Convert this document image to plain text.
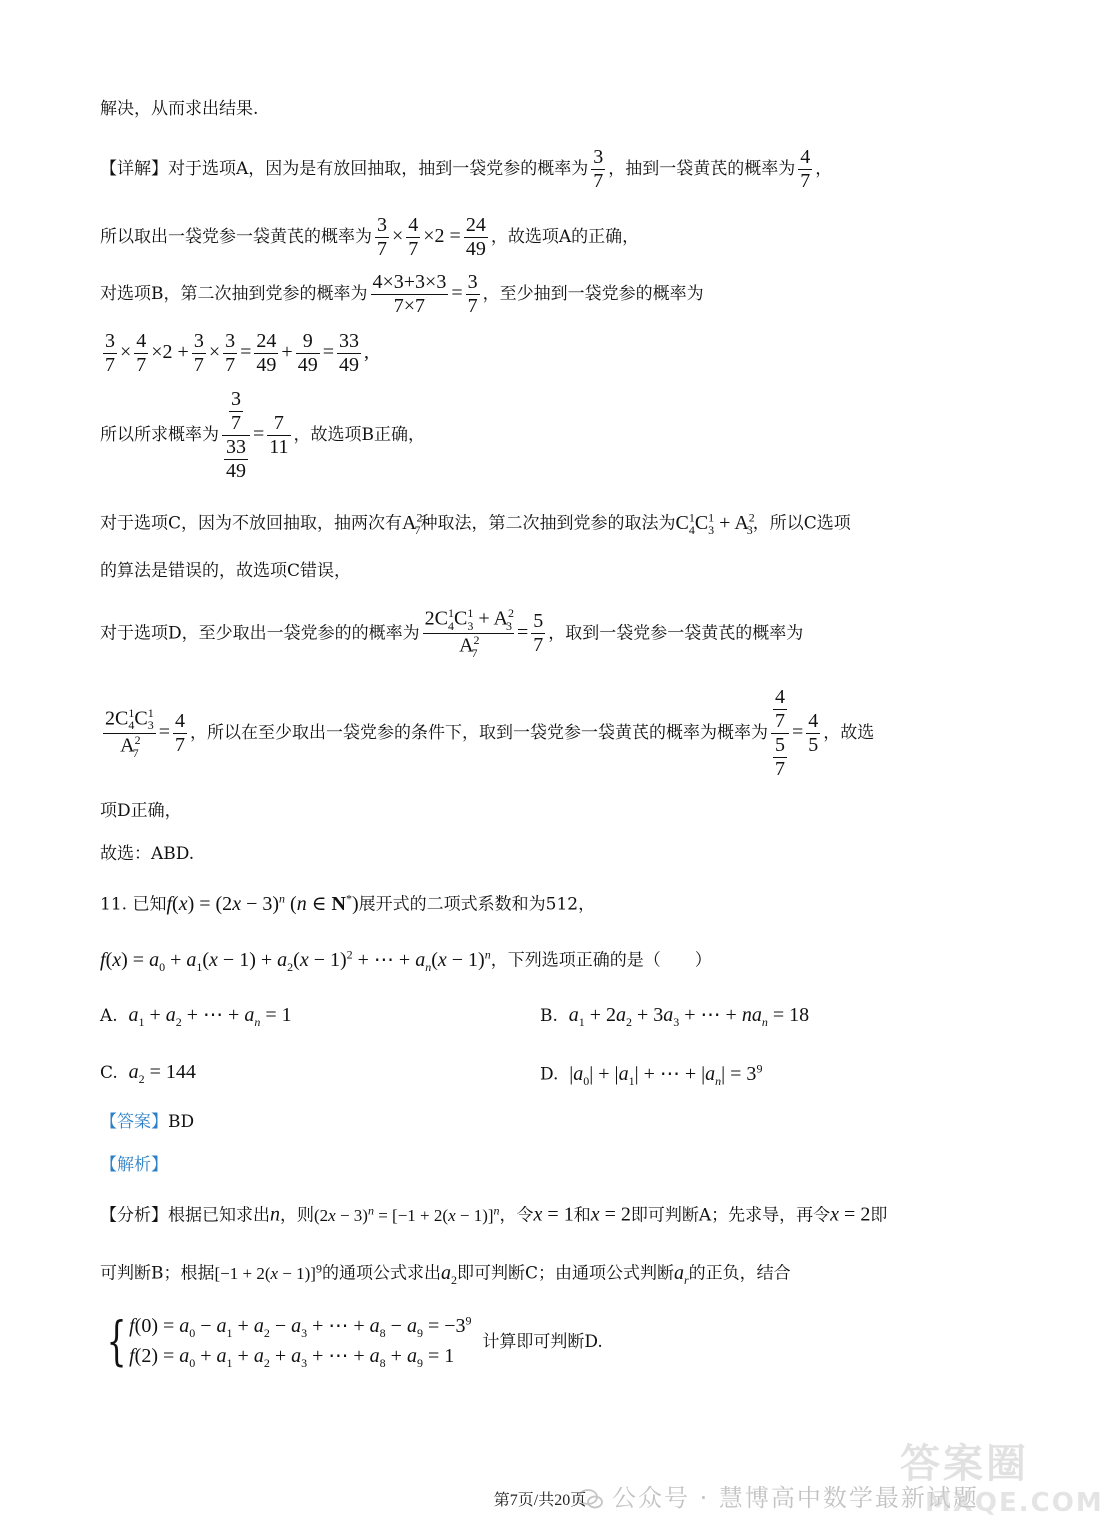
解决，从而求出结果.
【详解】对于选项A，因为是有放回抽取，抽到一袋党参的概率为 $\frac{3}{7}$ ，抽到一袋黄芪的概率为 $\frac{4}{7}$ ，
所以取出一袋党参一袋黄芪的概率为 $\frac{3}{7} \times \frac{4}{7} \times 2 = \frac{24}{49}$ ，故选项A的正确，
对选项B，第二次抽到党参的概率为 $\frac{4\times 3+3\times 3}{7\times 7} = \frac{3}{7}$ ，至少抽到一袋党参的概率为
$\frac{3}{7} \times \frac{4}{7} \times 2 + \frac{3}{7} \times \frac{3}{7} = \frac{24}{49} + \frac{9}{49} = \frac{33}{49}$ ,
所以所求概率为 $\frac{\frac{3}{7}}{\frac{33}{49}} = \frac{7}{11}$ ，故选项B正确，
对于选项C，因为不放回抽取，抽两次有$A^2_7$种取法，第二次抽到党参的取法为$C^1_4C^1_3 + A^2_3$，所以C选项
的算法是错误的，故选项C错误，
对于选项D，至少取出一袋党参的的概率为 $\frac{2C^1_4C^1_3 + A^2_3}{A^2_7} = \frac{5}{7}$ ，取到一袋党参一袋黄芪的概率为
$\frac{2C^1_4C^1_3}{A^2_7} = \frac{4}{7}$ ，所以在至少取出一袋党参的条件下，取到一袋党参一袋黄芪的概率为概率为 $\frac{\frac{4}{7}}{\frac{5}{7}} = \frac{4}{5}$ ，故选
项D正确，
故选：ABD.
11. 已知$f(x) = (2x - 3)^n$ (n ∈ N*)展开式的二项式系数和为512，
$f(x) = a_0 + a_1(x - 1) + a_2(x - 1)^2$ + ⋯ + $a_n(x - 1)^n$，下列选项正确的是（　　）
A. $a_1 + a_2$ + ⋯ + $a_n = 1$	B. $a_1 + 2a_2 + 3a_3$ + ⋯ + $na_n = 18$
C. $a_2 = 144$	D. $|a_0| + |a_1|$ + ⋯ + $|a_n| = 3^9$
【答案】BD
【解析】
【分析】根据已知求出n，则$(2x - 3)^n = [-1 + 2(x - 1)]^n$，令x = 1和x = 2即可判断A；先求导，再令x = 2即
可判断B；根据$[-1 + 2(x - 1)]^9$的通项公式求出$a_2$即可判断C；由通项公式判断$a_r$的正负，结合
{ $f(0) = a_0 - a_1 + a_2 - a_3$ + ⋯ + $a_8 - a_9 = -3^9$
$f(2) = a_0 + a_1 + a_2 + a_3$ + ⋯ + $a_8 + a_9 = 1$
计算即可判断D.
答案圈
公众号 · 慧博高中数学最新试题
MXQE.COM
第7页/共20页
